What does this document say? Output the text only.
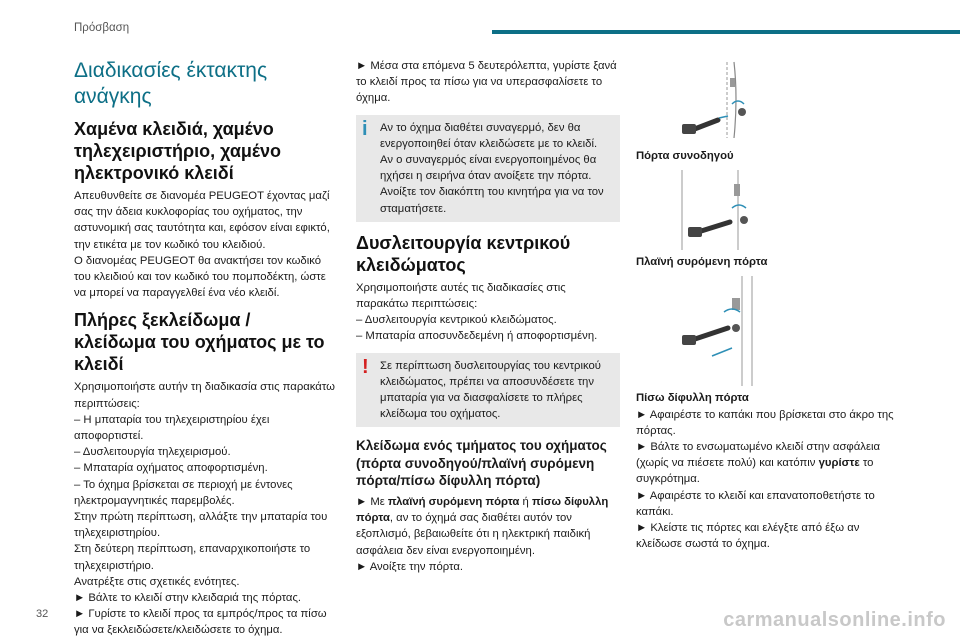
Πρόσβαση
Διαδικασίες έκτακτης ανάγκης
Χαμένα κλειδιά, χαμένο τηλεχειριστήριο, χαμένο ηλεκτρονικό κλειδί

Απευθυνθείτε σε διανομέα PEUGEOT έχοντας μαζί σας την άδεια κυκλοφορίας του οχήματος, την αστυνομική σας ταυτότητα και, εφόσον είναι εφικτό, την ετικέτα με τον κωδικό του κλειδιού.

Ο διανομέας PEUGEOT θα ανακτήσει τον κωδικό του κλειδιού και τον κωδικό του πομποδέκτη, ώστε να μπορεί να παραγγελθεί ένα νέο κλειδί.

Πλήρες ξεκλείδωμα / κλείδωμα του οχήματος με το κλειδί

Χρησιμοποιήστε αυτήν τη διαδικασία στις παρακάτω περιπτώσεις:

– Η μπαταρία του τηλεχειριστηρίου έχει αποφορτιστεί.

– Δυσλειτουργία τηλεχειρισμού.

– Μπαταρία οχήματος αποφορτισμένη.

– Το όχημα βρίσκεται σε περιοχή με έντονες ηλεκτρομαγνητικές παρεμβολές.

Στην πρώτη περίπτωση, αλλάξτε την μπαταρία του τηλεχειριστηρίου.

Στη δεύτερη περίπτωση, επαναρχικοποιήστε το τηλεχειριστήριο.

Ανατρέξτε στις σχετικές ενότητες.

► Βάλτε το κλειδί στην κλειδαριά της πόρτας.

► Γυρίστε το κλειδί προς τα εμπρός/προς τα πίσω για να ξεκλειδώσετε/κλειδώσετε το όχημα.

► Μέσα στα επόμενα 5 δευτερόλεπτα, γυρίστε ξανά το κλειδί προς τα πίσω για να υπερασφαλίσετε το όχημα.

i Αν το όχημα διαθέτει συναγερμό, δεν θα ενεργοποιηθεί όταν κλειδώσετε με το κλειδί.

Αν ο συναγερμός είναι ενεργοποιημένος θα ηχήσει η σειρήνα όταν ανοίξετε την πόρτα. Ανοίξτε τον διακόπτη του κινητήρα για να τον σταματήσετε.

Δυσλειτουργία κεντρικού κλειδώματος

Χρησιμοποιήστε αυτές τις διαδικασίες στις παρακάτω περιπτώσεις:

– Δυσλειτουργία κεντρικού κλειδώματος.

– Μπαταρία αποσυνδεδεμένη ή αποφορτισμένη.

! Σε περίπτωση δυσλειτουργίας του κεντρικού κλειδώματος, πρέπει να αποσυνδέσετε την μπαταρία για να διασφαλίσετε το πλήρες κλείδωμα του οχήματος.

Κλείδωμα ενός τμήματος του οχήματος (πόρτα συνοδηγού/πλαϊνή συρόμενη πόρτα/πίσω δίφυλλη πόρτα)

► Με πλαϊνή συρόμενη πόρτα ή πίσω δίφυλλη πόρτα, αν το όχημά σας διαθέτει αυτόν τον εξοπλισμό, βεβαιωθείτε ότι η ηλεκτρική παιδική ασφάλεια δεν είναι ενεργοποιημένη.

► Ανοίξτε την πόρτα.

Πόρτα συνοδηγού
Πλαϊνή συρόμενη πόρτα
Πίσω δίφυλλη πόρτα

► Αφαιρέστε το καπάκι που βρίσκεται στο άκρο της πόρτας.

► Βάλτε το ενσωματωμένο κλειδί στην ασφάλεια (χωρίς να πιέσετε πολύ) και κατόπιν γυρίστε το συγκρότημα.

► Αφαιρέστε το κλειδί και επανατοποθετήστε το καπάκι.

► Κλείστε τις πόρτες και ελέγξτε από έξω αν κλείδωσε σωστά το όχημα.

32	carmanualsonline.info
